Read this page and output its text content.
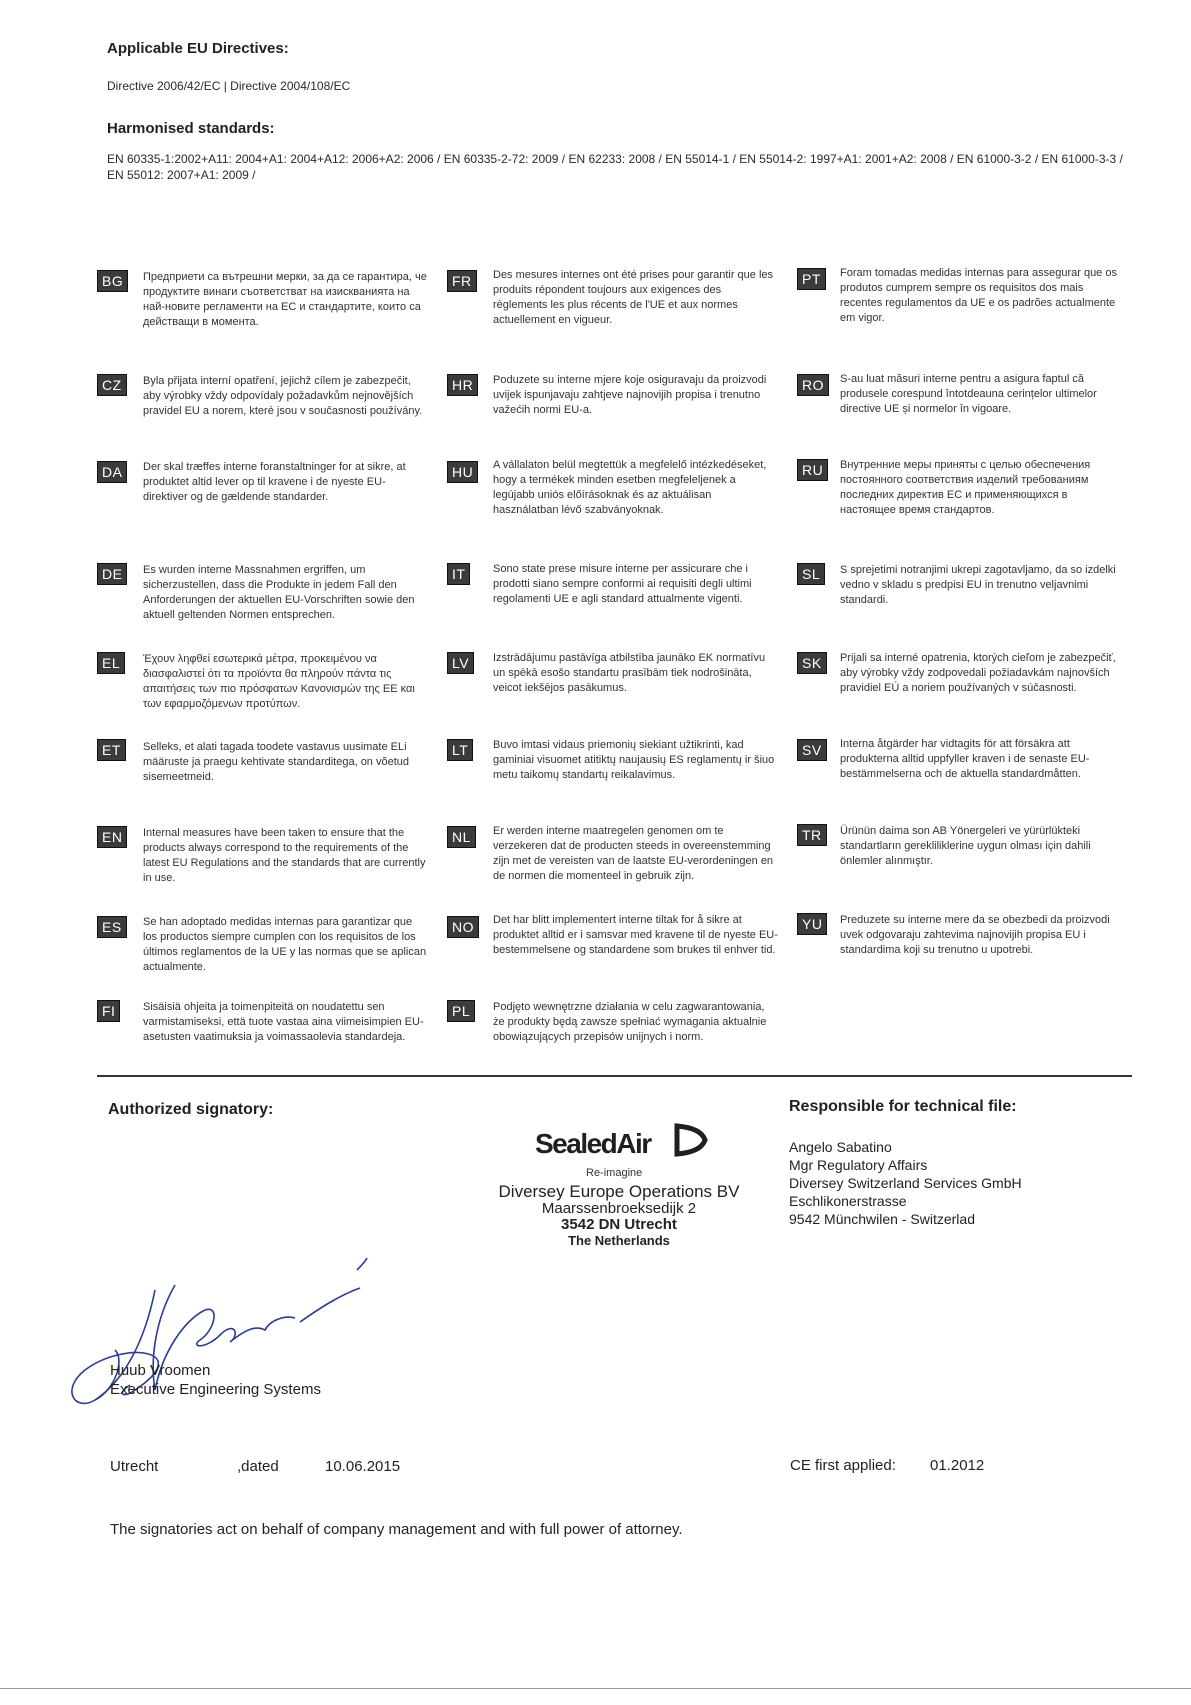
Applicable EU Directives:
Directive 2006/42/EC | Directive 2004/108/EC
Harmonised standards:
EN 60335-1:2002+A11: 2004+A1: 2004+A12: 2006+A2: 2006 / EN 60335-2-72: 2009 / EN 62233: 2008 / EN 55014-1 / EN 55014-2: 1997+A1: 2001+A2: 2008 / EN 61000-3-2 / EN 61000-3-3 / EN 55012: 2007+A1: 2009 /
BG	Предприети са вътрешни мерки, за да се гарантира, че продуктите винаги съответстват на изискванията на най-новите регламенти на ЕС и стандартите, които са действащи в момента.
CZ	Byla přijata interní opatření, jejichž cílem je zabezpečit, aby výrobky vždy odpovídaly požadavkům nejnovějších pravidel EU a norem, které jsou v současnosti používány.
DA	Der skal træffes interne foranstaltninger for at sikre, at produktet altid lever op til kravene i de nyeste EU-direktiver og de gældende standarder.
DE	Es wurden interne Massnahmen ergriffen, um sicherzustellen, dass die Produkte in jedem Fall den Anforderungen der aktuellen EU-Vorschriften sowie den aktuell geltenden Normen entsprechen.
EL	Έχουν ληφθεί εσωτερικά μέτρα, προκειμένου να διασφαλιστεί ότι τα προϊόντα θα πληρούν πάντα τις απαιτήσεις των πιο πρόσφατων Κανονισμών της ΕΕ και των εφαρμοζόμενων προτύπων.
ET	Selleks, et alati tagada toodete vastavus uusimate ELi määruste ja praegu kehtivate standarditega, on võetud sisemeetmeid.
EN	Internal measures have been taken to ensure that the products always correspond to the requirements of the latest EU Regulations and the standards that are currently in use.
ES	Se han adoptado medidas internas para garantizar que los productos siempre cumplen con los requisitos de los últimos reglamentos de la UE y las normas que se aplican actualmente.
FI	Sisäisiä ohjeita ja toimenpiteitä on noudatettu sen varmistamiseksi, että tuote vastaa aina viimeisimpien EU-asetusten vaatimuksia ja voimassaolevia standardeja.
FR	Des mesures internes ont été prises pour garantir que les produits répondent toujours aux exigences des règlements les plus récents de l'UE et aux normes actuellement en vigueur.
HR	Poduzete su interne mjere koje osiguravaju da proizvodi uvijek ispunjavaju zahtjeve najnovijih propisa i trenutno važećih normi EU-a.
HU	A vállalaton belül megtettük a megfelelő intézkedéseket, hogy a termékek minden esetben megfeleljenek a legújabb uniós előírásoknak és az aktuálisan használatban lévő szabványoknak.
IT	Sono state prese misure interne per assicurare che i prodotti siano sempre conformi ai requisiti degli ultimi regolamenti UE e agli standard attualmente vigenti.
LV	Izstrādājumu pastāvīga atbilstība jaunāko EK normatīvu un spēkā esošo standartu prasībām tiek nodrošināta, veicot iekšējos pasākumus.
LT	Buvo imtasi vidaus priemonių siekiant užtikrinti, kad gaminiai visuomet atitiktų naujausių ES reglamentų ir šiuo metu taikomų standartų reikalavimus.
NL	Er werden interne maatregelen genomen om te verzekeren dat de producten steeds in overeenstemming zijn met de vereisten van de laatste EU-verordeningen en de normen die momenteel in gebruik zijn.
NO	Det har blitt implementert interne tiltak for å sikre at produktet alltid er i samsvar med kravene til de nyeste EU-bestemmelsene og standardene som brukes til enhver tid.
PL	Podjęto wewnętrzne działania w celu zagwarantowania, że produkty będą zawsze spełniać wymagania aktualnie obowiązujących przepisów unijnych i norm.
PT	Foram tomadas medidas internas para assegurar que os produtos cumprem sempre os requisitos dos mais recentes regulamentos da UE e os padrões actualmente em vigor.
RO	S-au luat măsuri interne pentru a asigura faptul că produsele corespund întotdeauna cerințelor ultimelor directive UE și normelor în vigoare.
RU	Внутренние меры приняты с целью обеспечения постоянного соответствия изделий требованиям последних директив ЕС и применяющихся в настоящее время стандартов.
SL	S sprejetimi notranjimi ukrepi zagotavljamo, da so izdelki vedno v skladu s predpisi EU in trenutno veljavnimi standardi.
SK	Prijali sa interné opatrenia, ktorých cieľom je zabezpečiť, aby výrobky vždy zodpovedali požiadavkám najnovších pravidiel EÚ a noriem používaných v súčasnosti.
SV	Interna åtgärder har vidtagits för att försäkra att produkterna alltid uppfyller kraven i de senaste EU-bestämmelserna och de aktuella standardmåtten.
TR	Ürünün daima son AB Yönergeleri ve yürürlükteki standartların gerekliliklerine uygun olması için dahili önlemler alınmıştır.
YU	Preduzete su interne mere da se obezbedi da proizvodi uvek odgovaraju zahtevima najnovijih propisa EU i standardima koji su trenutno u upotrebi.
Authorized signatory:
SealedAir
Re-imagine
Diversey Europe Operations BV
Maarssenbroeksedijk 2
3542 DN Utrecht
The Netherlands
Huub Vroomen
Executive Engineering Systems
Responsible for technical file:
Angelo Sabatino
Mgr Regulatory Affairs
Diversey Switzerland Services GmbH
Eschlikonerstrasse
9542 Münchwilen - Switzerlad
Utrecht	,dated	10.06.2015	CE first applied: 01.2012
The signatories act on behalf of company management and with full power of attorney.
